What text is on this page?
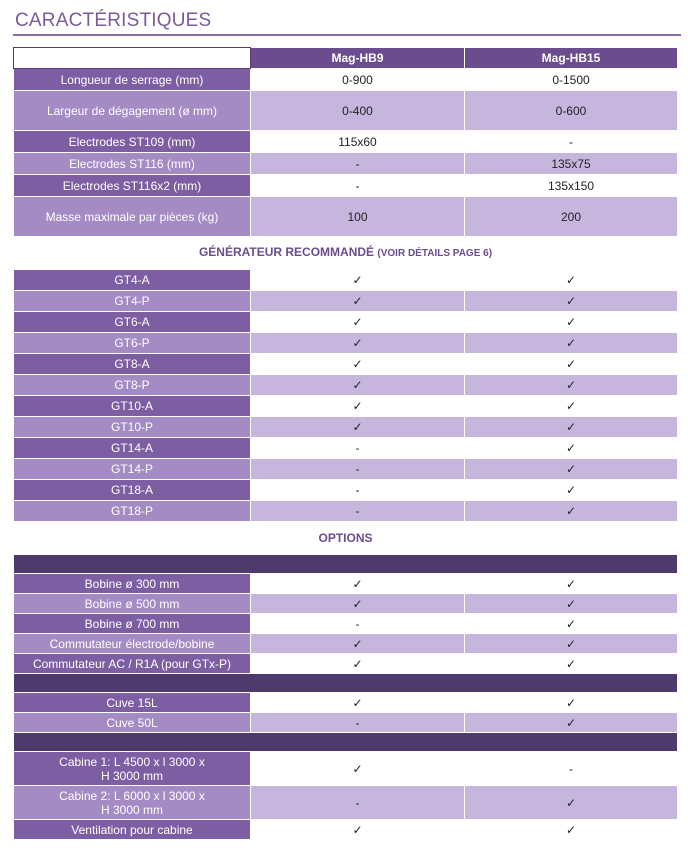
CARACTÉRISTIQUES
	Mag-HB9	Mag-HB15
Longueur de serrage (mm)	0-900	0-1500
Largeur de dégagement (ø mm)	0-400	0-600
Electrodes ST109 (mm)	115x60	-
Electrodes ST116 (mm)	-	135x75
Electrodes ST116x2 (mm)	-	135x150
Masse maximale par pièces (kg)	100	200
GÉNÉRATEUR RECOMMANDÉ (VOIR DÉTAILS PAGE 6)		
GT4-A	✓	✓
GT4-P	✓	✓
GT6-A	✓	✓
GT6-P	✓	✓
GT8-A	✓	✓
GT8-P	✓	✓
GT10-A	✓	✓
GT10-P	✓	✓
GT14-A	-	✓
GT14-P	-	✓
GT18-A	-	✓
GT18-P	-	✓
OPTIONS		

Bobine ø 300 mm	✓	✓
Bobine ø 500 mm	✓	✓
Bobine ø 700 mm	-	✓
Commutateur électrode/bobine	✓	✓
Commutateur AC / R1A (pour GTx-P)	✓	✓

Cuve 15L	✓	✓
Cuve 50L	-	✓

Cabine 1: L 4500 x l 3000 x
H 3000 mm	✓	-

Cabine 2: L 6000 x l 3000 x
H 3000 mm	-	✓
Ventilation pour cabine	✓	✓
